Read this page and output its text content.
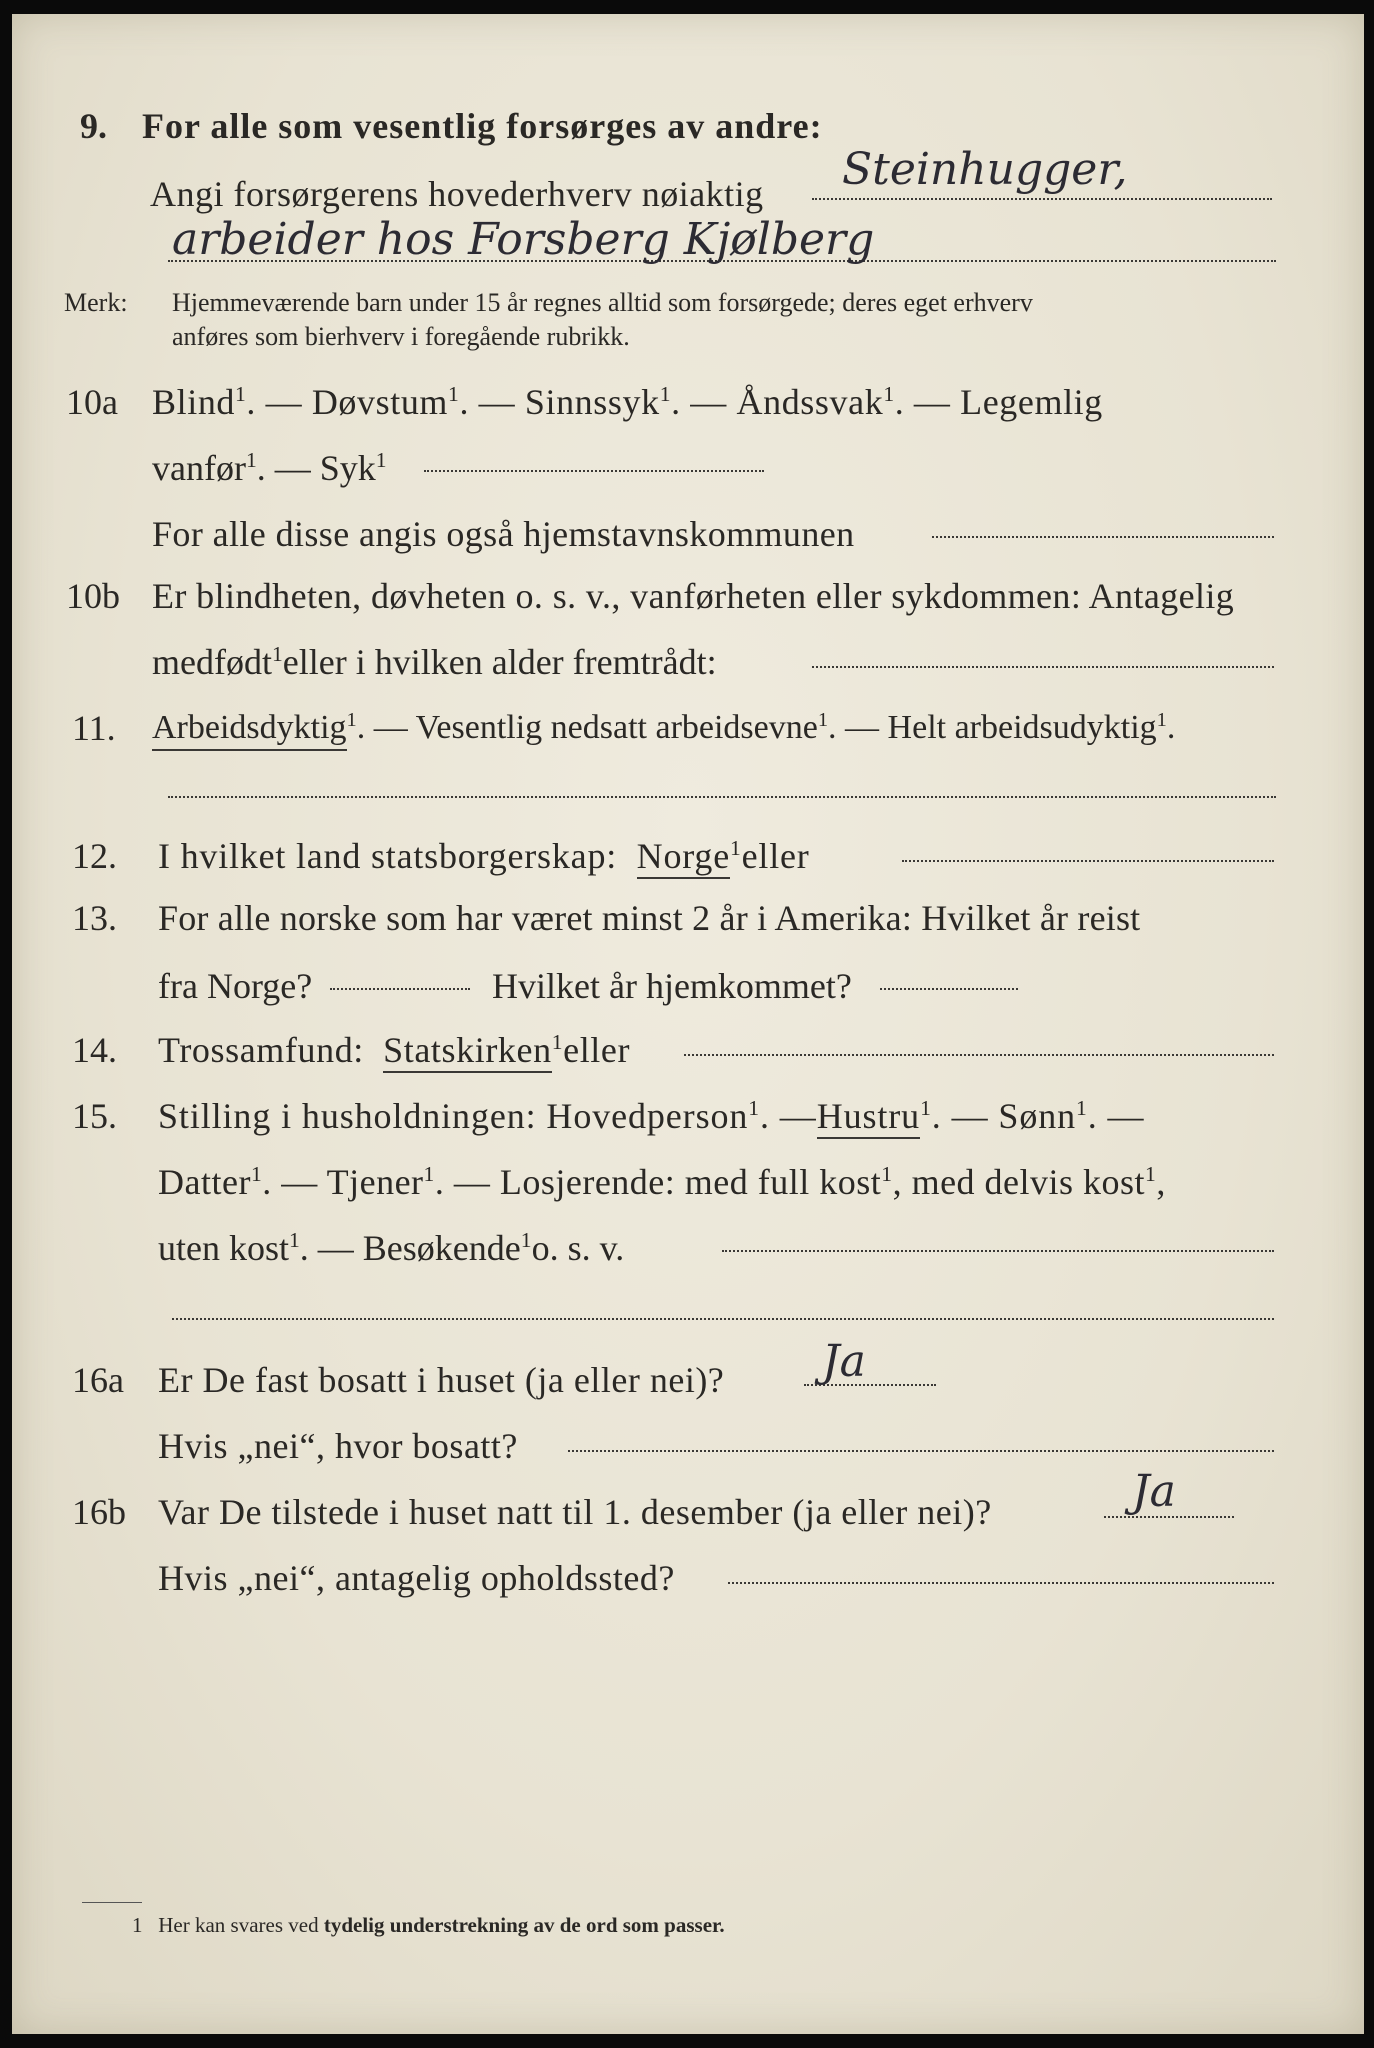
9. For alle som vesentlig forsørges av andre:
Angi forsørgerens hovederhverv nøiaktig Steinhugger,
arbeider hos Forsberg Kjølberg
Merk: Hjemmeværende barn under 15 år regnes alltid som forsørgede; deres eget erhverv
anføres som bierhverv i foregående rubrikk.
10a Blind1. — Døvstum1. — Sinnssyk1. — Åndssvak1. — Legemlig
vanfør1. — Syk1
For alle disse angis også hjemstavnskommunen
10b Er blindheten, døvheten o. s. v., vanførheten eller sykdommen: Antagelig
medfødt1eller i hvilken alder fremtrådt:
11. Arbeidsdyktig1. — Vesentlig nedsatt arbeidsevne1. — Helt arbeidsudyktig1.
12. I hvilket land statsborgerskap: Norge1eller
13. For alle norske som har været minst 2 år i Amerika: Hvilket år reist
fra Norge?	Hvilket år hjemkommet?
14. Trossamfund: Statskirken1eller
15. Stilling i husholdningen: Hovedperson1. —Hustru1. — Sønn1. —
Datter1. — Tjener1. — Losjerende: med full kost1, med delvis kost1,
uten kost1. — Besøkende1o. s. v.
16a Er De fast bosatt i huset (ja eller nei)? Ja
Hvis „nei“, hvor bosatt?
16b Var De tilstede i huset natt til 1. desember (ja eller nei)?	Ja
Hvis „nei“, antagelig opholdssted?
1 Her kan svares ved tydelig understrekning av de ord som passer.
